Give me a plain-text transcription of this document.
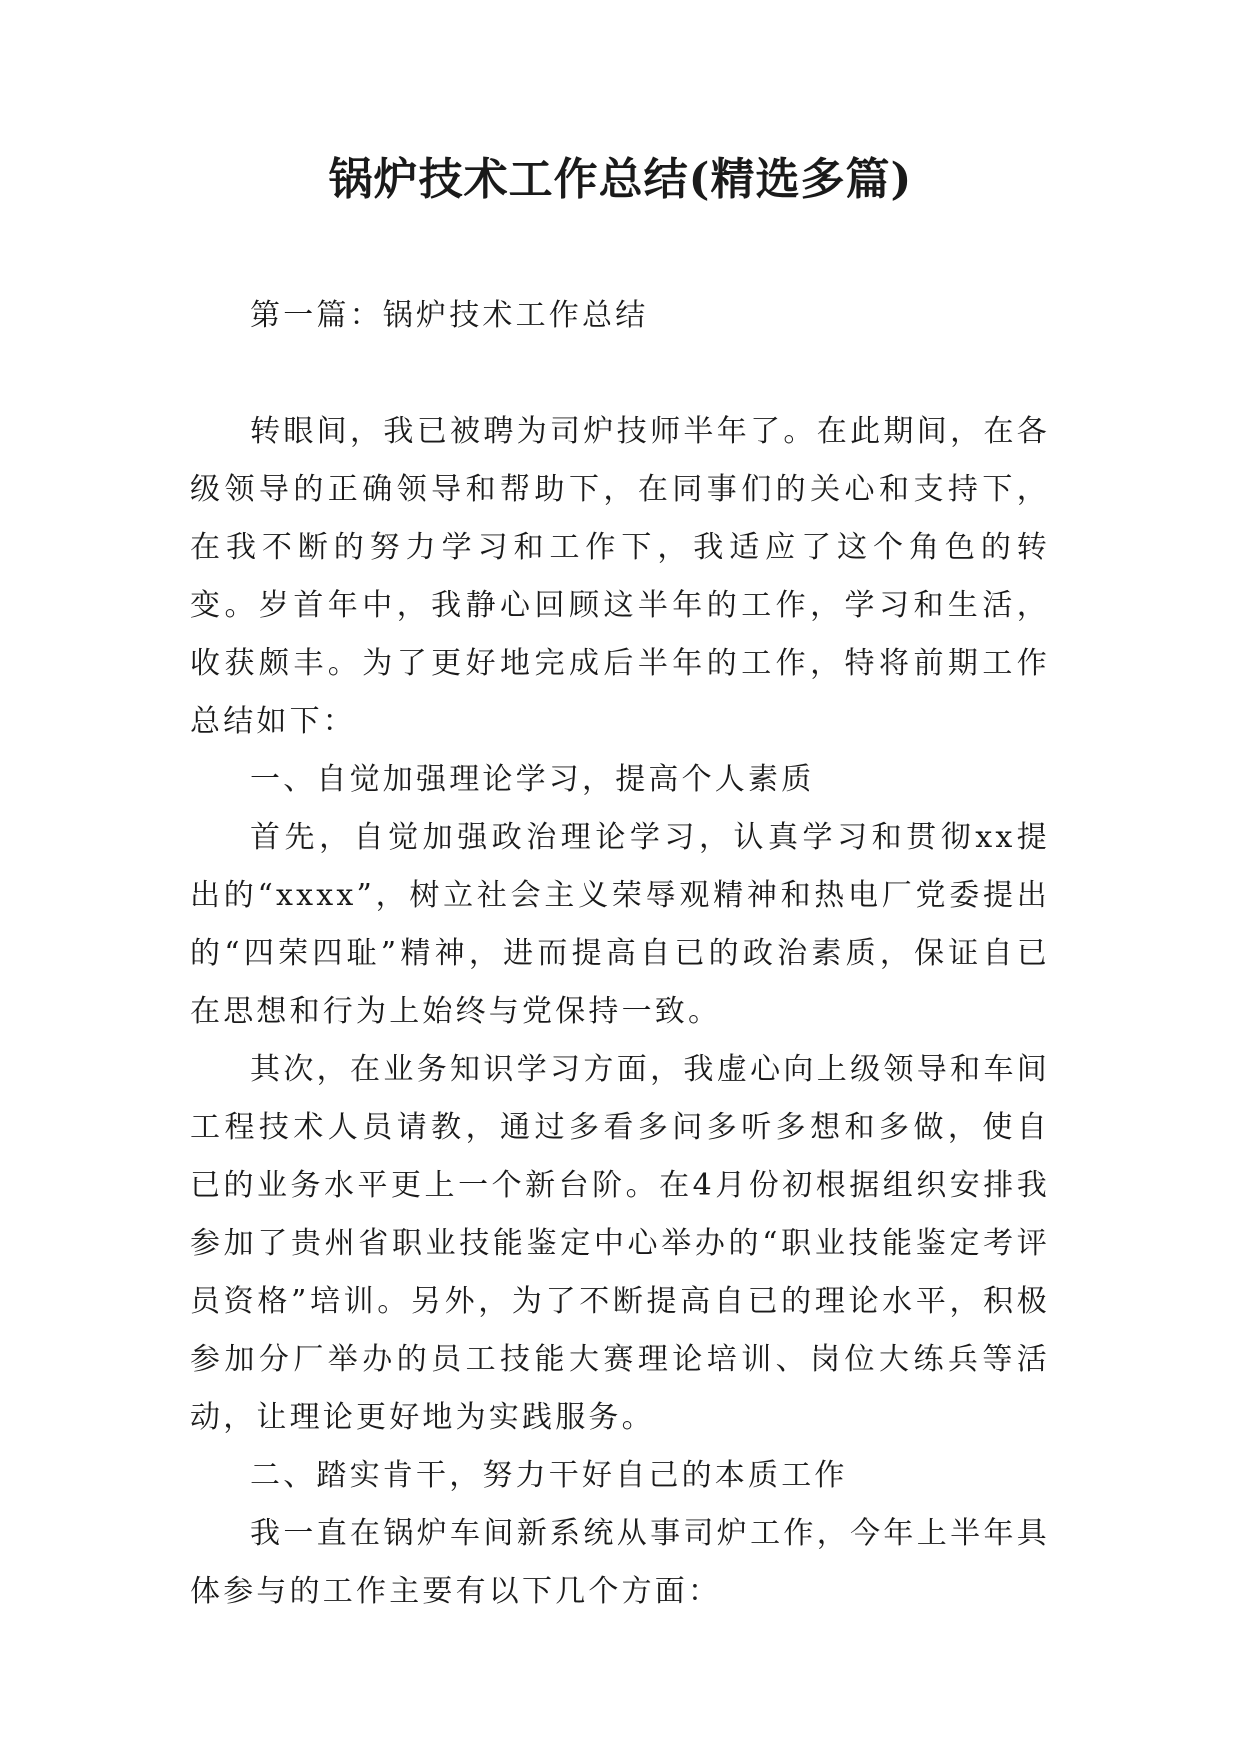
锅炉技术工作总结(精选多篇)

第一篇：锅炉技术工作总结

转眼间，我已被聘为司炉技师半年了。在此期间，在各级领导的正确领导和帮助下，在同事们的关心和支持下，在我不断的努力学习和工作下，我适应了这个角色的转变。岁首年中，我静心回顾这半年的工作，学习和生活，收获颇丰。为了更好地完成后半年的工作，特将前期工作总结如下：

一、自觉加强理论学习，提高个人素质

首先，自觉加强政治理论学习，认真学习和贯彻xx提出的“xxxx”，树立社会主义荣辱观精神和热电厂党委提出的“四荣四耻”精神，进而提高自已的政治素质，保证自已在思想和行为上始终与党保持一致。

其次，在业务知识学习方面，我虚心向上级领导和车间工程技术人员请教，通过多看多问多听多想和多做，使自已的业务水平更上一个新台阶。在4月份初根据组织安排我参加了贵州省职业技能鉴定中心举办的“职业技能鉴定考评员资格”培训。另外，为了不断提高自已的理论水平，积极参加分厂举办的员工技能大赛理论培训、岗位大练兵等活动，让理论更好地为实践服务。

二、踏实肯干，努力干好自己的本质工作

我一直在锅炉车间新系统从事司炉工作，今年上半年具体参与的工作主要有以下几个方面：
